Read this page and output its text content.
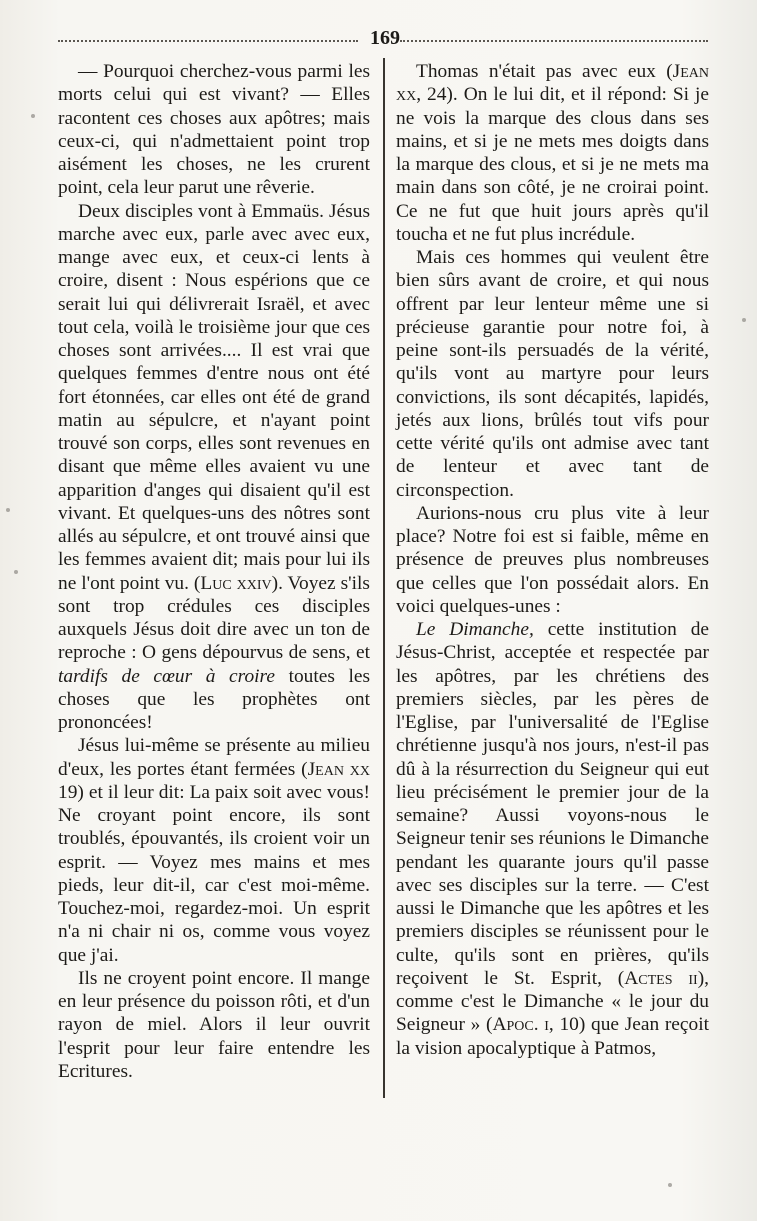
169

— Pourquoi cherchez-vous parmi les morts celui qui est vivant? — Elles racontent ces choses aux apôtres; mais ceux-ci, qui n'admettaient point trop aisément les choses, ne les crurent point, cela leur parut une rêverie.

Deux disciples vont à Emmaüs. Jésus marche avec eux, parle avec avec eux, mange avec eux, et ceux-ci lents à croire, disent : Nous espérions que ce serait lui qui délivrerait Israël, et avec tout cela, voilà le troisième jour que ces choses sont arrivées.... Il est vrai que quelques femmes d'entre nous ont été fort étonnées, car elles ont été de grand matin au sépulcre, et n'ayant point trouvé son corps, elles sont revenues en disant que même elles avaient vu une apparition d'anges qui disaient qu'il est vivant. Et quelques-uns des nôtres sont allés au sépulcre, et ont trouvé ainsi que les femmes avaient dit; mais pour lui ils ne l'ont point vu. (Luc xxiv). Voyez s'ils sont trop crédules ces disciples auxquels Jésus doit dire avec un ton de reproche : O gens dépourvus de sens, et tardifs de cœur à croire toutes les choses que les prophètes ont prononcées!

Jésus lui-même se présente au milieu d'eux, les portes étant fermées (Jean xx 19) et il leur dit: La paix soit avec vous! Ne croyant point encore, ils sont troublés, épouvantés, ils croient voir un esprit. — Voyez mes mains et mes pieds, leur dit-il, car c'est moi-même. Touchez-moi, regardez-moi. Un esprit n'a ni chair ni os, comme vous voyez que j'ai.

Ils ne croyent point encore. Il mange en leur présence du poisson rôti, et d'un rayon de miel. Alors il leur ouvrit l'esprit pour leur faire entendre les Ecritures.

Thomas n'était pas avec eux (Jean xx, 24). On le lui dit, et il répond: Si je ne vois la marque des clous dans ses mains, et si je ne mets mes doigts dans la marque des clous, et si je ne mets ma main dans son côté, je ne croirai point. Ce ne fut que huit jours après qu'il toucha et ne fut plus incrédule.

Mais ces hommes qui veulent être bien sûrs avant de croire, et qui nous offrent par leur lenteur même une si précieuse garantie pour notre foi, à peine sont-ils persuadés de la vérité, qu'ils vont au martyre pour leurs convictions, ils sont décapités, lapidés, jetés aux lions, brûlés tout vifs pour cette vérité qu'ils ont admise avec tant de lenteur et avec tant de circonspection.

Aurions-nous cru plus vite à leur place? Notre foi est si faible, même en présence de preuves plus nombreuses que celles que l'on possédait alors. En voici quelques-unes :

Le Dimanche, cette institution de Jésus-Christ, acceptée et respectée par les apôtres, par les chrétiens des premiers siècles, par les pères de l'Eglise, par l'universalité de l'Eglise chrétienne jusqu'à nos jours, n'est-il pas dû à la résurrection du Seigneur qui eut lieu précisément le premier jour de la semaine? Aussi voyons-nous le Seigneur tenir ses réunions le Dimanche pendant les quarante jours qu'il passe avec ses disciples sur la terre. — C'est aussi le Dimanche que les apôtres et les premiers disciples se réunissent pour le culte, qu'ils sont en prières, qu'ils reçoivent le St. Esprit, (Actes ii), comme c'est le Dimanche « le jour du Seigneur » (Apoc. i, 10) que Jean reçoit la vision apocalyptique à Patmos,
